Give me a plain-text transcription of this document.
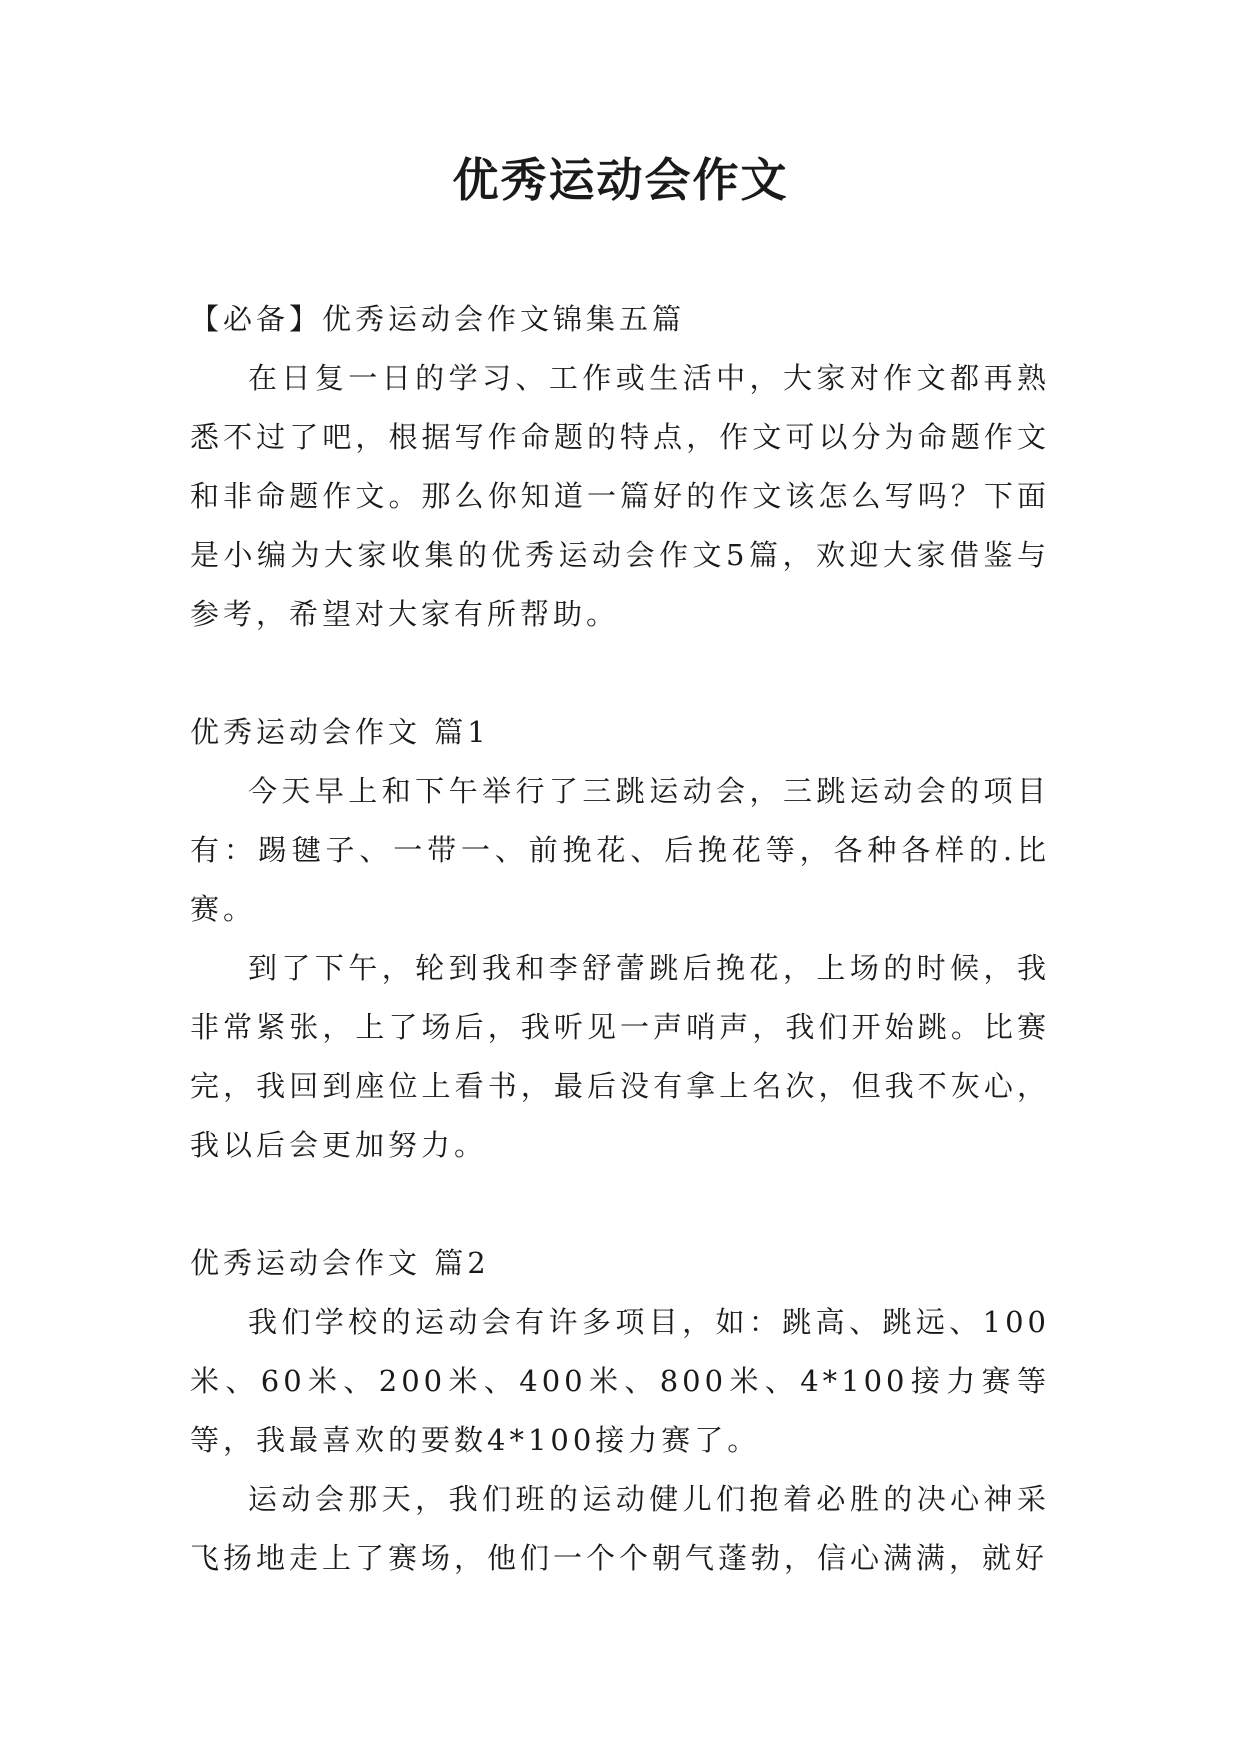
优秀运动会作文

【必备】优秀运动会作文锦集五篇

在日复一日的学习、工作或生活中，大家对作文都再熟悉不过了吧，根据写作命题的特点，作文可以分为命题作文和非命题作文。那么你知道一篇好的作文该怎么写吗？下面是小编为大家收集的优秀运动会作文5篇，欢迎大家借鉴与参考，希望对大家有所帮助。

优秀运动会作文 篇1

今天早上和下午举行了三跳运动会，三跳运动会的项目有：踢毽子、一带一、前挽花、后挽花等，各种各样的.比赛。

到了下午，轮到我和李舒蕾跳后挽花，上场的时候，我非常紧张，上了场后，我听见一声哨声，我们开始跳。比赛完，我回到座位上看书，最后没有拿上名次，但我不灰心，我以后会更加努力。

优秀运动会作文 篇2

我们学校的运动会有许多项目，如：跳高、跳远、100米、60米、200米、400米、800米、4*100接力赛等等，我最喜欢的要数4*100接力赛了。

运动会那天，我们班的运动健儿们抱着必胜的决心神采飞扬地走上了赛场，他们一个个朝气蓬勃，信心满满，就好
